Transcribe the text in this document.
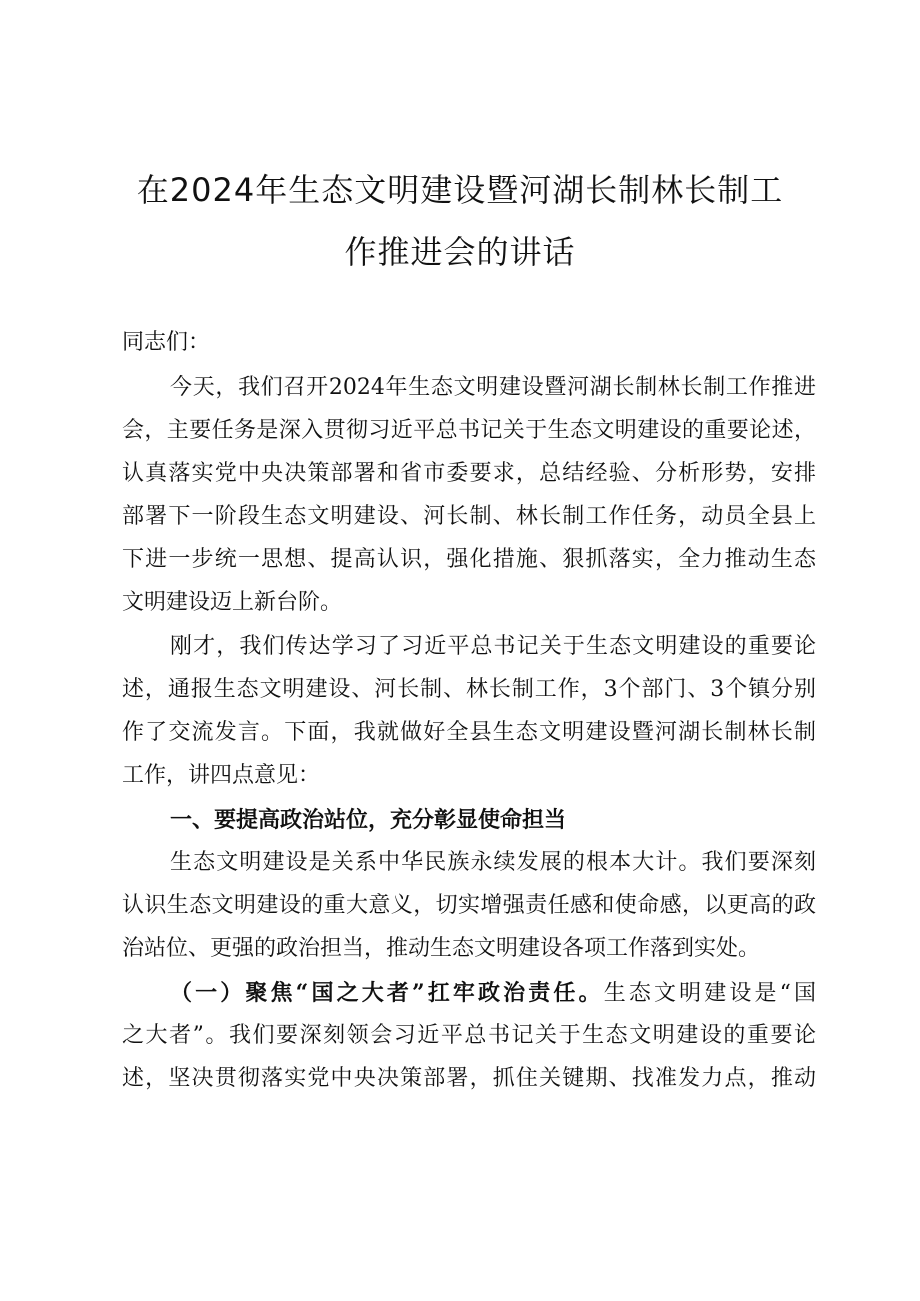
在2024年生态文明建设暨河湖长制林长制工
作推进会的讲话
同志们：
今天，我们召开2024年生态文明建设暨河湖长制林长制工作推进
会，主要任务是深入贯彻习近平总书记关于生态文明建设的重要论述，
认真落实党中央决策部署和省市委要求，总结经验、分析形势，安排
部署下一阶段生态文明建设、河长制、林长制工作任务，动员全县上
下进一步统一思想、提高认识，强化措施、狠抓落实，全力推动生态
文明建设迈上新台阶。
刚才，我们传达学习了习近平总书记关于生态文明建设的重要论
述，通报生态文明建设、河长制、林长制工作，3个部门、3个镇分别
作了交流发言。下面，我就做好全县生态文明建设暨河湖长制林长制
工作，讲四点意见：
一、要提高政治站位，充分彰显使命担当
生态文明建设是关系中华民族永续发展的根本大计。我们要深刻
认识生态文明建设的重大意义，切实增强责任感和使命感，以更高的政
治站位、更强的政治担当，推动生态文明建设各项工作落到实处。
（一）聚焦“国之大者”扛牢政治责任。生态文明建设是“国
之大者”。我们要深刻领会习近平总书记关于生态文明建设的重要论
述，坚决贯彻落实党中央决策部署，抓住关键期、找准发力点，推动
